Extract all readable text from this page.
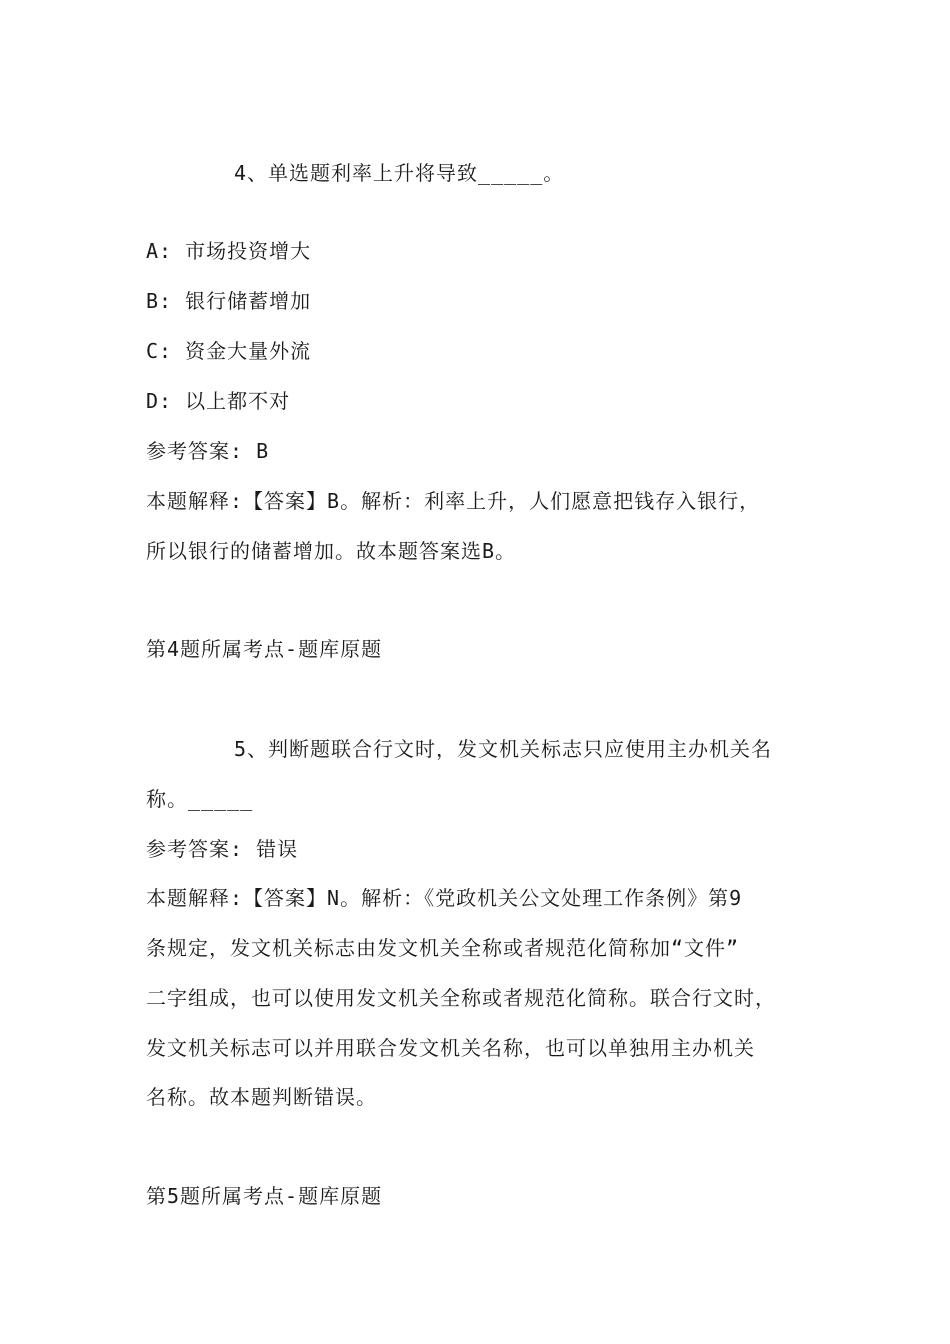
4、单选题利率上升将导致_____。
A: 市场投资增大
B: 银行储蓄增加
C: 资金大量外流
D: 以上都不对
参考答案: B
本题解释:【答案】B。解析：利率上升，人们愿意把钱存入银行，
所以银行的储蓄增加。故本题答案选B。
第4题所属考点-题库原题
5、判断题联合行文时，发文机关标志只应使用主办机关名
称。_____
参考答案: 错误
本题解释:【答案】N。解析：《党政机关公文处理工作条例》第9
条规定，发文机关标志由发文机关全称或者规范化简称加“文件”
二字组成，也可以使用发文机关全称或者规范化简称。联合行文时，
发文机关标志可以并用联合发文机关名称，也可以单独用主办机关
名称。故本题判断错误。
第5题所属考点-题库原题
